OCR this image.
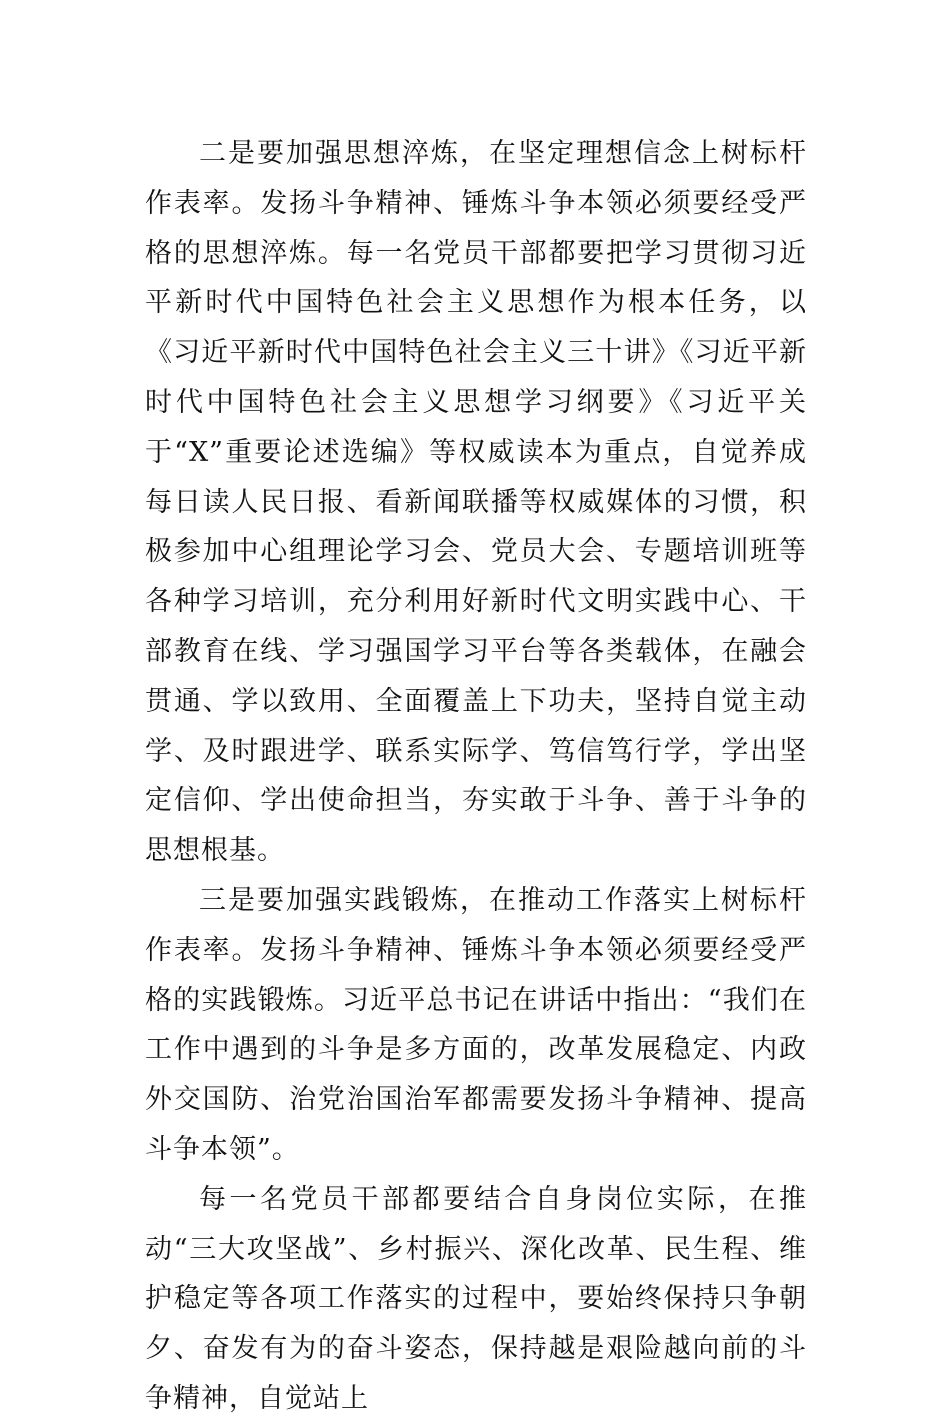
二是要加强思想淬炼，在坚定理想信念上树标杆作表率。发扬斗争精神、锤炼斗争本领必须要经受严格的思想淬炼。每一名党员干部都要把学习贯彻习近平新时代中国特色社会主义思想作为根本任务，以《习近平新时代中国特色社会主义三十讲》《习近平新时代中国特色社会主义思想学习纲要》《习近平关于“X”重要论述选编》等权威读本为重点，自觉养成每日读人民日报、看新闻联播等权威媒体的习惯，积极参加中心组理论学习会、党员大会、专题培训班等各种学习培训，充分利用好新时代文明实践中心、干部教育在线、学习强国学习平台等各类载体，在融会贯通、学以致用、全面覆盖上下功夫，坚持自觉主动学、及时跟进学、联系实际学、笃信笃行学，学出坚定信仰、学出使命担当，夯实敢于斗争、善于斗争的思想根基。

三是要加强实践锻炼，在推动工作落实上树标杆作表率。发扬斗争精神、锤炼斗争本领必须要经受严格的实践锻炼。习近平总书记在讲话中指出：“我们在工作中遇到的斗争是多方面的，改革发展稳定、内政外交国防、治党治国治军都需要发扬斗争精神、提高斗争本领”。

每一名党员干部都要结合自身岗位实际，在推动“三大攻坚战”、乡村振兴、深化改革、民生程、维护稳定等各项工作落实的过程中，要始终保持只争朝夕、奋发有为的奋斗姿态，保持越是艰险越向前的斗争精神，自觉站上
